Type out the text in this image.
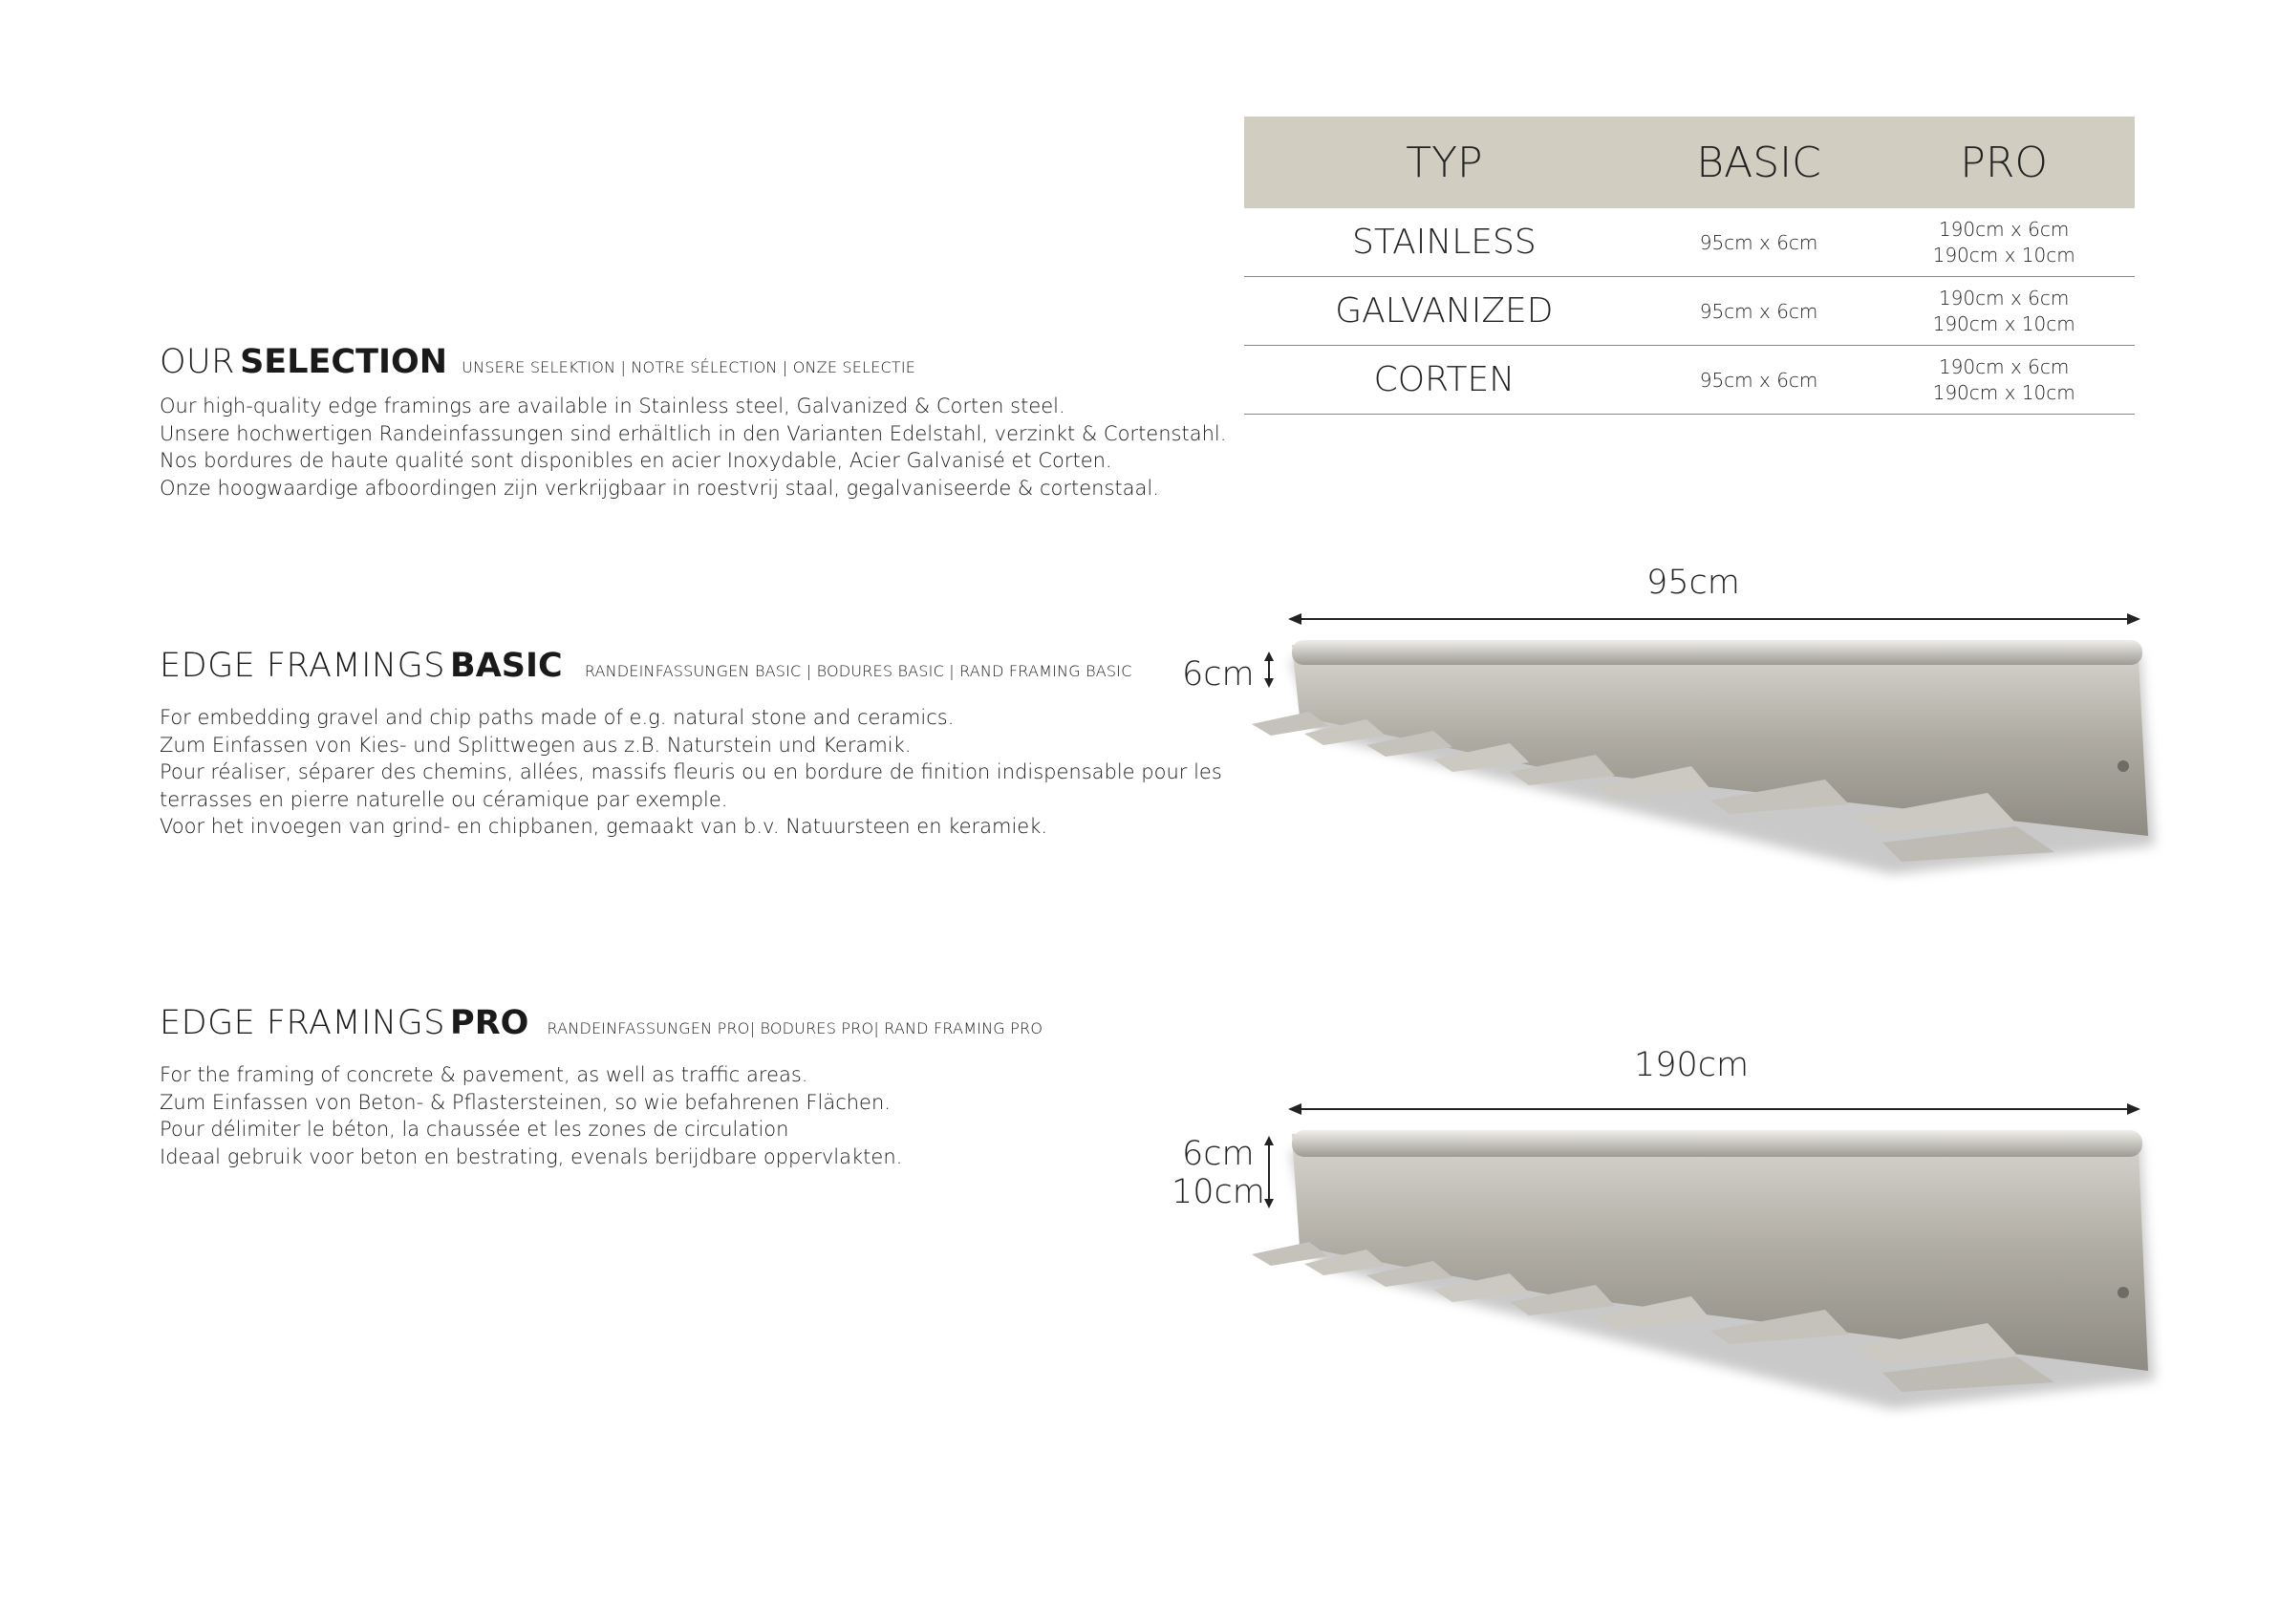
TYP	BASIC	PRO
STAINLESS	95cm x 6cm	190cm x 6cm
190cm x 10cm

GALVANIZED	95cm x 6cm	190cm x 6cm
190cm x 10cm

CORTEN	95cm x 6cm	190cm x 6cm
190cm x 10cm
OUR SELECTION UNSERE SELEKTION | NOTRE SÉLECTION | ONZE SELECTIE
Our high-quality edge framings are available in Stainless steel, Galvanized & Corten steel.
Unsere hochwertigen Randeinfassungen sind erhältlich in den Varianten Edelstahl, verzinkt & Cortenstahl.
Nos bordures de haute qualité sont disponibles en acier Inoxydable, Acier Galvanisé et Corten.
Onze hoogwaardige afboordingen zijn verkrijgbaar in roestvrij staal, gegalvaniseerde & cortenstaal.
EDGE FRAMINGS BASIC RANDEINFASSUNGEN BASIC | BODURES BASIC | RAND FRAMING BASIC
For embedding gravel and chip paths made of e.g. natural stone and ceramics.
Zum Einfassen von Kies- und Splittwegen aus z.B. Naturstein und Keramik.
Pour réaliser, séparer des chemins, allées, massifs fleuris ou en bordure de finition indispensable pour les
terrasses en pierre naturelle ou céramique par exemple.
Voor het invoegen van grind- en chipbanen, gemaakt van b.v. Natuursteen en keramiek.
EDGE FRAMINGS PRO RANDEINFASSUNGEN PRO| BODURES PRO| RAND FRAMING PRO
For the framing of concrete & pavement, as well as traffic areas.
Zum Einfassen von Beton- & Pflastersteinen, so wie befahrenen Flächen.
Pour délimiter le béton, la chaussée et les zones de circulation
Ideaal gebruik voor beton en bestrating, evenals berijdbare oppervlakten.
95cm
6cm
190cm
6cm
10cm
